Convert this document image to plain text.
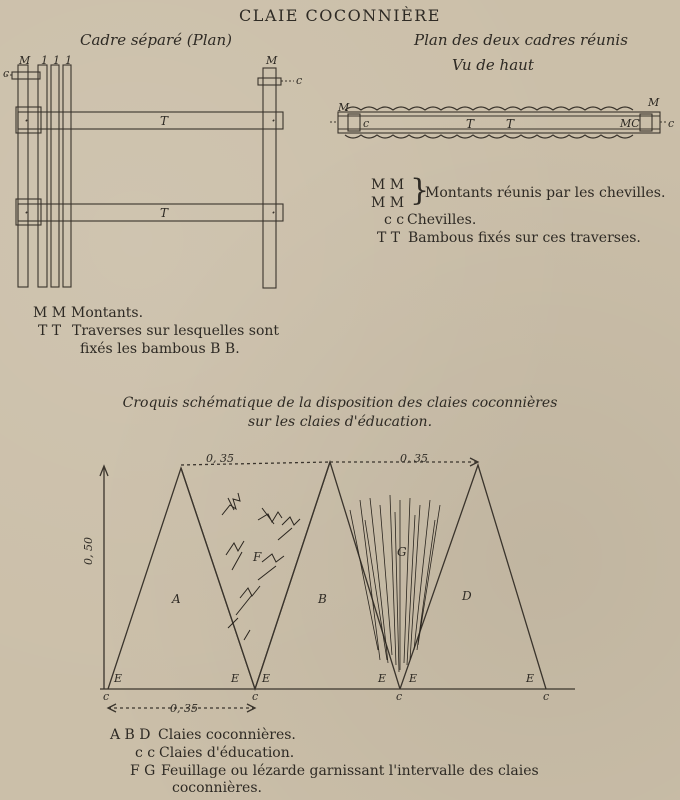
CLAIE COCONNIÈRE
Cadre séparé (Plan)	Plan des deux cadres réunis
Vu de haut
M 1 1 1	M
c
c
T
T
M	M
c	c
T	T	MC
0, 35	0, 35
0, 50
0, 35
A	B	D
F	G
E	E E	E E	E
c	c	c	c
M M
M M }
Montants réunis par les chevilles.
c c Chevilles.
T T Bambous fixés sur ces traverses.
M M Montants.
T T Traverses sur lesquelles sont
fixés les bambous B B.
Croquis schématique de la disposition des claies coconnières
sur les claies d'éducation.
A B D Claies coconnières.
c c Claies d'éducation.
F G Feuillage ou lézarde garnissant l'intervalle des claies
coconnières.
